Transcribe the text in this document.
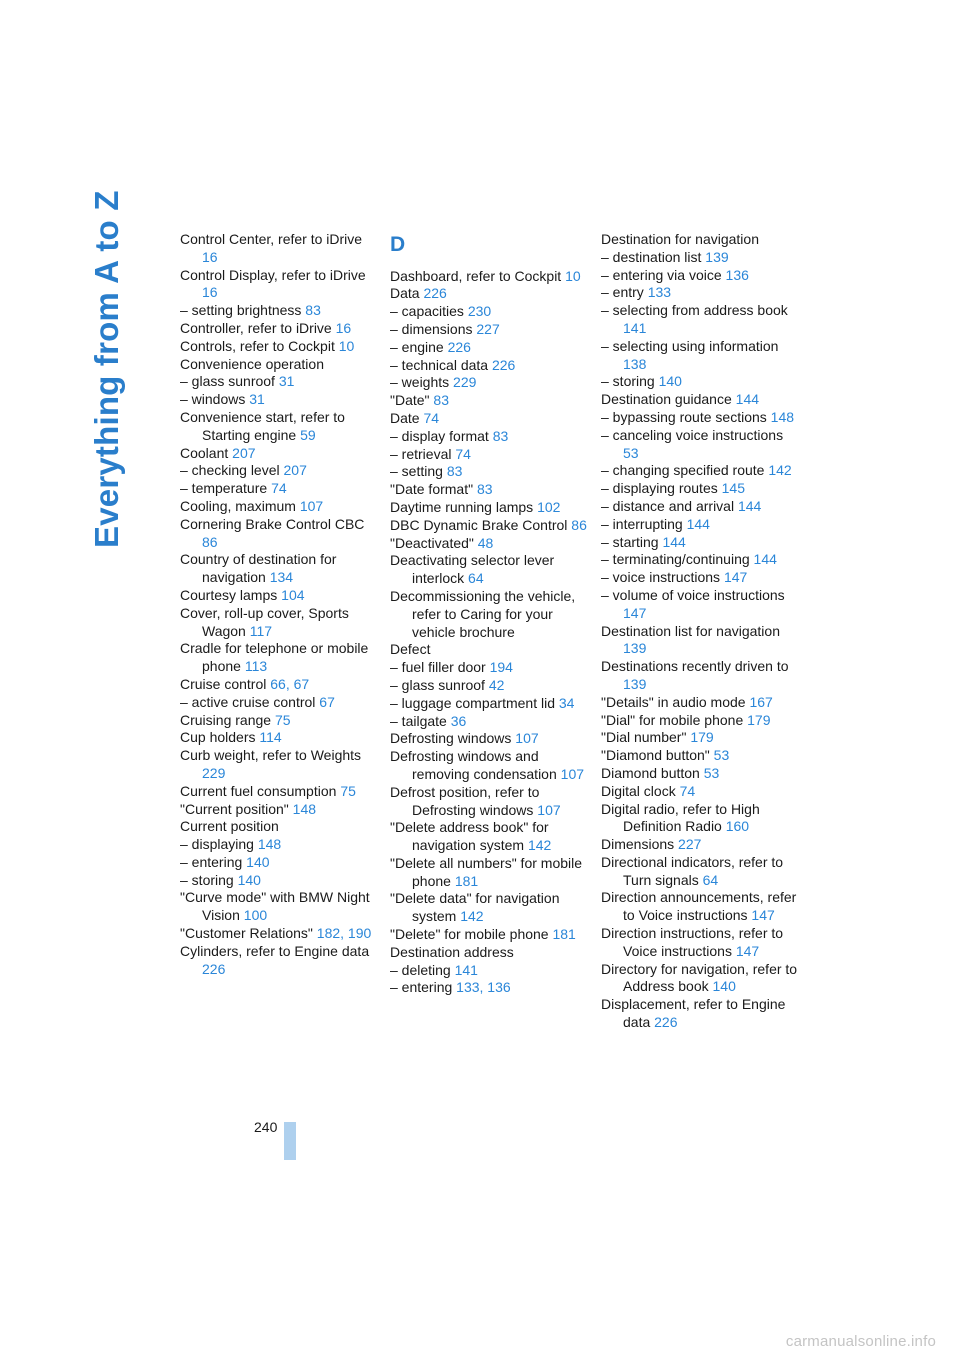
Everything from A to Z	Control Center, refer to iDrive 16
Control Display, refer to iDrive 16
– setting brightness 83
Controller, refer to iDrive 16
Controls, refer to Cockpit 10
Convenience operation
– glass sunroof 31
– windows 31
Convenience start, refer to Starting engine 59
Coolant 207
– checking level 207
– temperature 74
Cooling, maximum 107
Cornering Brake Control CBC 86
Country of destination for navigation 134
Courtesy lamps 104
Cover, roll-up cover, Sports Wagon 117
Cradle for telephone or mobile phone 113
Cruise control 66, 67
– active cruise control 67
Cruising range 75
Cup holders 114
Curb weight, refer to Weights 229
Current fuel consumption 75
"Current position" 148
Current position
– displaying 148
– entering 140
– storing 140
"Curve mode" with BMW Night Vision 100
"Customer Relations" 182, 190
Cylinders, refer to Engine data 226
D
Dashboard, refer to Cockpit 10
Data 226
– capacities 230
– dimensions 227
– engine 226
– technical data 226
– weights 229
"Date" 83
Date 74
– display format 83
– retrieval 74
– setting 83
"Date format" 83
Daytime running lamps 102
DBC Dynamic Brake Control 86
"Deactivated" 48
Deactivating selector lever interlock 64
Decommissioning the vehicle, refer to Caring for your vehicle brochure
Defect
– fuel filler door 194
– glass sunroof 42
– luggage compartment lid 34
– tailgate 36
Defrosting windows 107
Defrosting windows and removing condensation 107
Defrost position, refer to Defrosting windows 107
"Delete address book" for navigation system 142
"Delete all numbers" for mobile phone 181
"Delete data" for navigation system 142
"Delete" for mobile phone 181
Destination address
– deleting 141
– entering 133, 136
Destination for navigation
– destination list 139
– entering via voice 136
– entry 133
– selecting from address book 141
– selecting using information 138
– storing 140
Destination guidance 144
– bypassing route sections 148
– canceling voice instructions 53
– changing specified route 142
– displaying routes 145
– distance and arrival 144
– interrupting 144
– starting 144
– terminating/continuing 144
– voice instructions 147
– volume of voice instructions 147
Destination list for navigation 139
Destinations recently driven to 139
"Details" in audio mode 167
"Dial" for mobile phone 179
"Dial number" 179
"Diamond button" 53
Diamond button 53
Digital clock 74
Digital radio, refer to High Definition Radio 160
Dimensions 227
Directional indicators, refer to Turn signals 64
Direction announcements, refer to Voice instructions 147
Direction instructions, refer to Voice instructions 147
Directory for navigation, refer to Address book 140
Displacement, refer to Engine data 226
240
carmanualsonline.info
